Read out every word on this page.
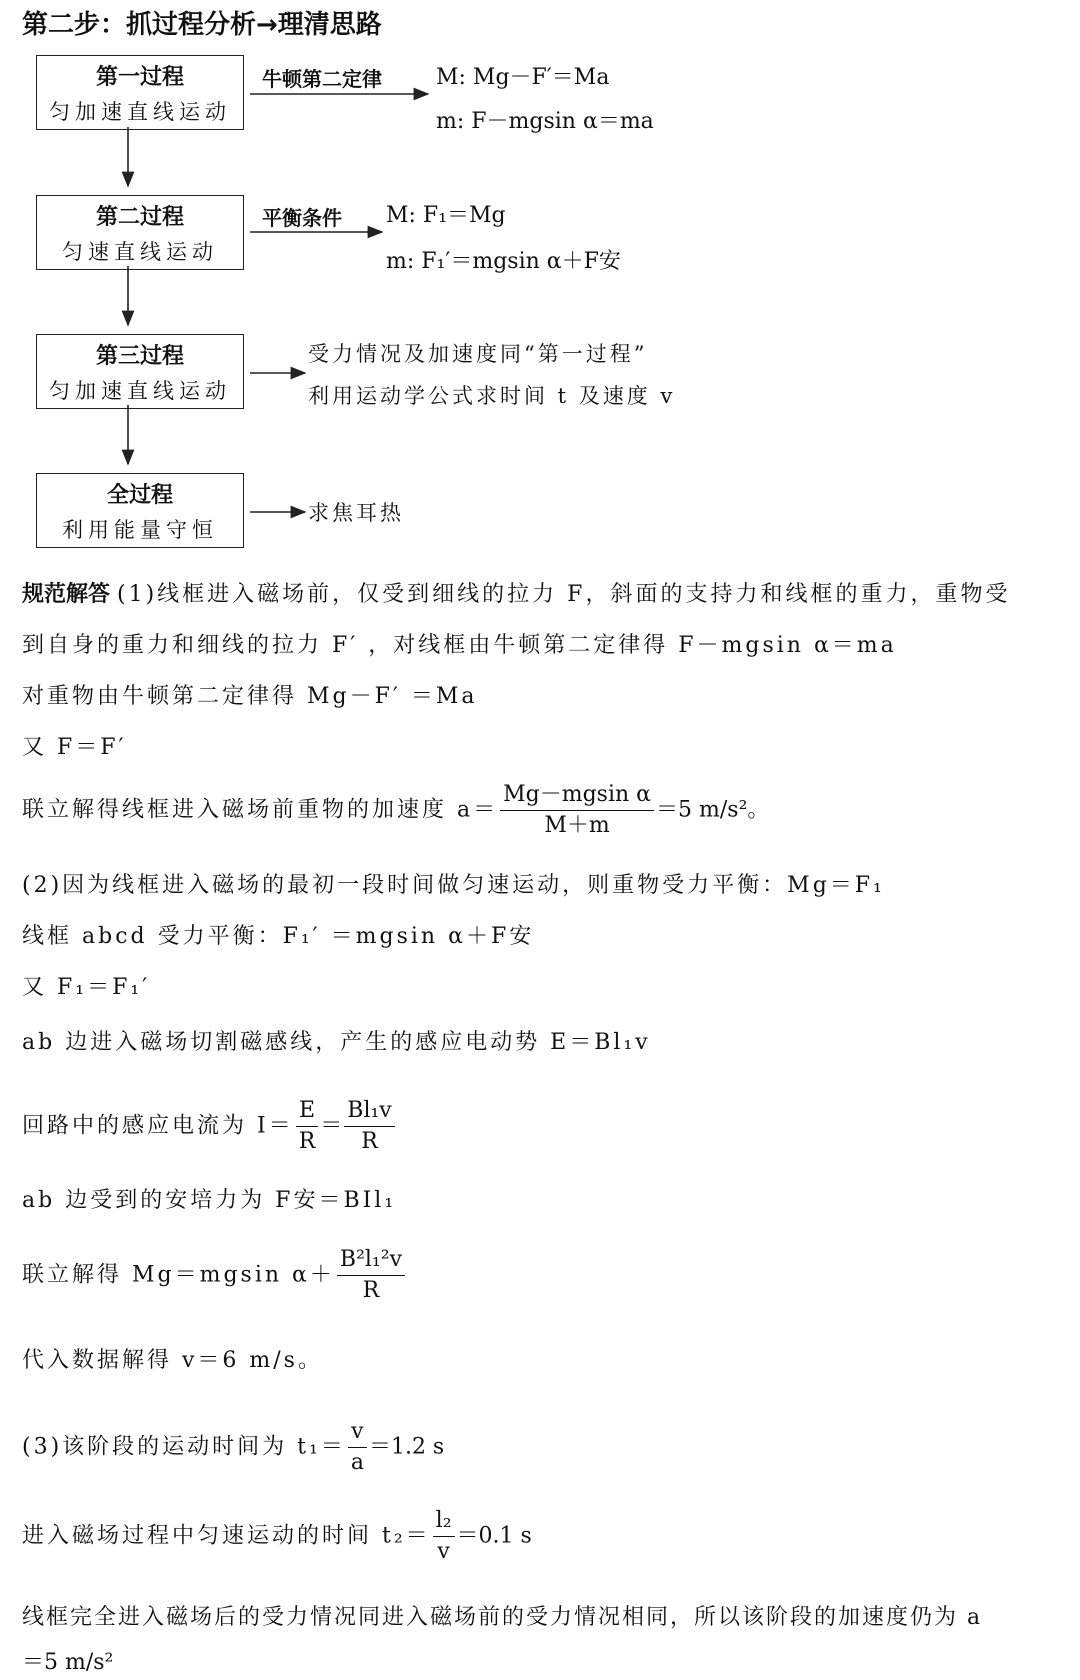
第二步：抓过程分析→理清思路
第一过程
匀加速直线运动
第二过程
匀速直线运动
第三过程
匀加速直线运动
全过程
利用能量守恒
牛顿第二定律 M: Mg－F′＝Ma
m: F－mgsin α＝ma
平衡条件 M: F₁＝Mg
m: F₁′＝mgsin α＋F安
受力情况及加速度同“第一过程”
利用运动学公式求时间 t 及速度 v
求焦耳热
规范解答 (1)线框进入磁场前，仅受到细线的拉力 F，斜面的支持力和线框的重力，重物受
到自身的重力和细线的拉力 F′ ，对线框由牛顿第二定律得 F－mgsin α＝ma
对重物由牛顿第二定律得 Mg－F′ ＝Ma
又 F＝F′
联立解得线框进入磁场前重物的加速度 $a= \frac{\text{Mg－mgsin α}}{M+m} =5$ m/s²。
(2)因为线框进入磁场的最初一段时间做匀速运动，则重物受力平衡：Mg＝F₁
线框 abcd 受力平衡：F₁′ ＝mgsin α＋F安
又 F₁＝F₁′
ab 边进入磁场切割磁感线，产生的感应电动势 E＝Bl₁v
回路中的感应电流为 $I= \frac{E}{R} = \frac{\text{Bl₁v}}{R}$
ab 边受到的安培力为 F安＝BIl₁
联立解得 Mg＝mgsin $\alpha+ \frac{\text{B²l₁²v}}{R}$
代入数据解得 v＝6 m/s。
(3)该阶段的运动时间为 $t_1= \frac{v}{a} =1.2$ s
进入磁场过程中匀速运动的时间 $t_2= \frac{\text{l₂}}{v} =0.1$ s
线框完全进入磁场后的受力情况同进入磁场前的受力情况相同，所以该阶段的加速度仍为 a
＝5 m/s²
